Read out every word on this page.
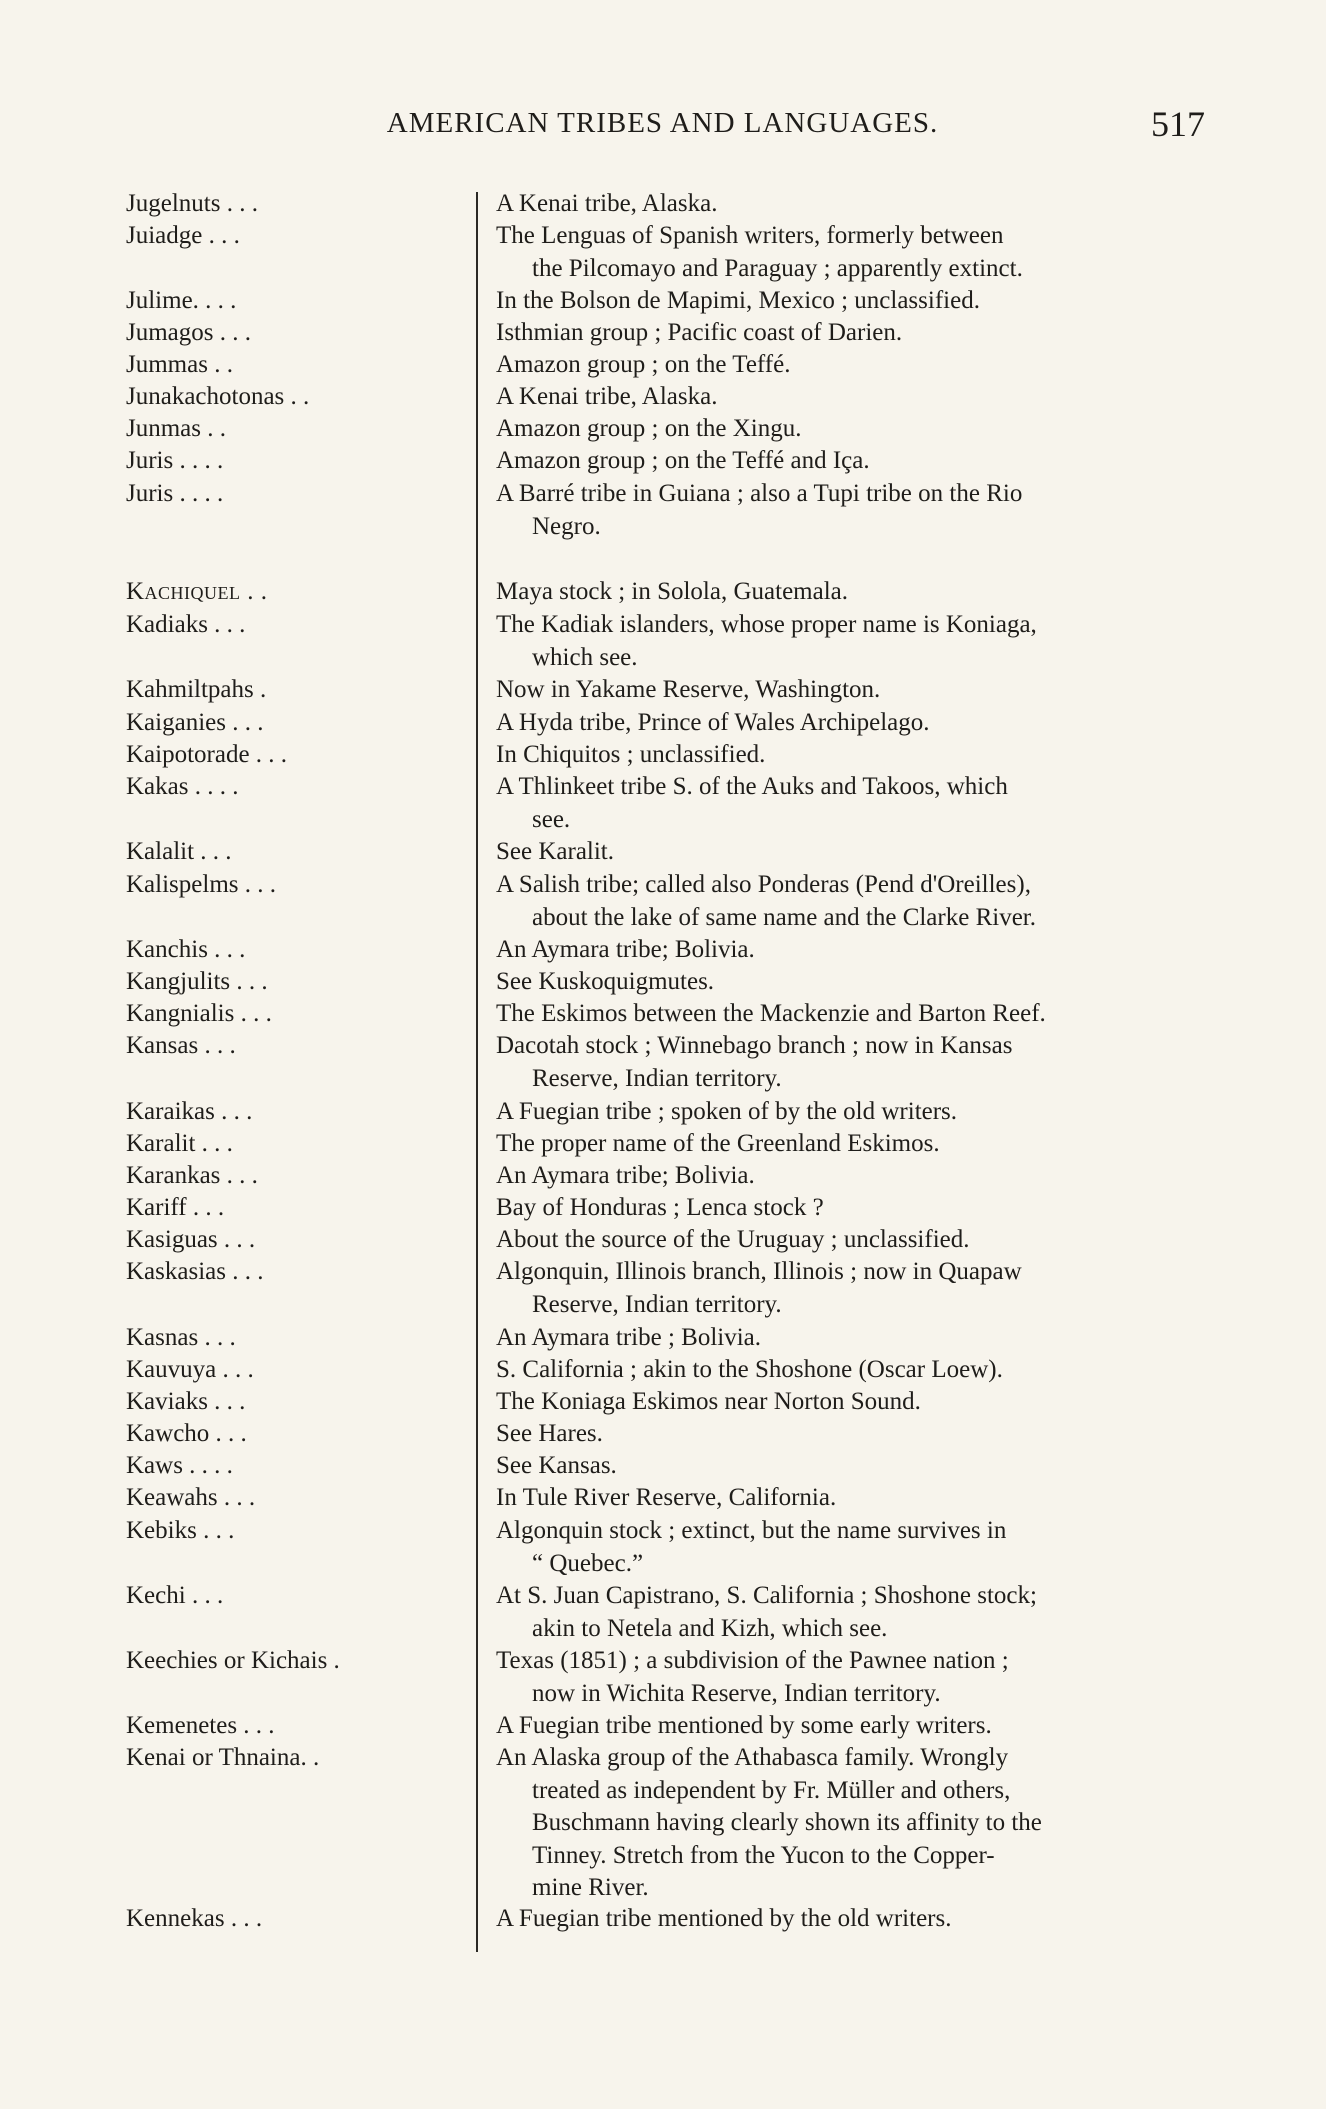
AMERICAN TRIBES AND LANGUAGES.	517
Jugelnuts . . .	A Kenai tribe, Alaska.
Juiadge . . .	The Lenguas of Spanish writers, formerly between
the Pilcomayo and Paraguay ; apparently extinct.
Julime. . . .	In the Bolson de Mapimi, Mexico ; unclassified.
Jumagos . . .	Isthmian group ; Pacific coast of Darien.
Jummas . .	Amazon group ; on the Teffé.
Junakachotonas . .	A Kenai tribe, Alaska.
Junmas . .	Amazon group ; on the Xingu.
Juris . . . .	Amazon group ; on the Teffé and Içа.
Juris . . . .	A Barré tribe in Guiana ; also a Tupi tribe on the Rio
Negro.
Kachiquel . .	Maya stock ; in Solola, Guatemala.
Kadiaks . . .	The Kadiak islanders, whose proper name is Koniaga,
which see.
Kahmiltpahs .	Now in Yakame Reserve, Washington.
Kaiganies . . .	A Hyda tribe, Prince of Wales Archipelago.
Kaipotorade . . .	In Chiquitos ; unclassified.
Kakas . . . .	A Thlinkeet tribe S. of the Auks and Takoos, which
see.
Kalalit . . .	See Karalit.
Kalispelms . . .	A Salish tribe; called also Ponderas (Pend d'Oreilles),
about the lake of same name and the Clarke River.
Kanchis . . .	An Aymara tribe; Bolivia.
Kangjulits . . .	See Kuskoquigmutes.
Kangnialis . . .	The Eskimos between the Mackenzie and Barton Reef.
Kansas . . .	Dacotah stock ; Winnebago branch ; now in Kansas
Reserve, Indian territory.
Karaikas . . .	A Fuegian tribe ; spoken of by the old writers.
Karalit . . .	The proper name of the Greenland Eskimos.
Karankas . . .	An Aymara tribe; Bolivia.
Kariff . . .	Bay of Honduras ; Lenca stock ?
Kasiguas . . .	About the source of the Uruguay ; unclassified.
Kaskasias . . .	Algonquin, Illinois branch, Illinois ; now in Quapaw
Reserve, Indian territory.
Kasnas . . .	An Aymara tribe ; Bolivia.
Kauvuya . . .	S. California ; akin to the Shoshone (Oscar Loew).
Kaviaks . . .	The Koniaga Eskimos near Norton Sound.
Kawcho . . .	See Hares.
Kaws . . . .	See Kansas.
Keawahs . . .	In Tule River Reserve, California.
Kebiks . . .	Algonquin stock ; extinct, but the name survives in
“ Quebec.”
Kechi . . .	At S. Juan Capistrano, S. California ; Shoshone stock;
akin to Netela and Kizh, which see.
Keechies or Kichais .	Texas (1851) ; a subdivision of the Pawnee nation ;
now in Wichita Reserve, Indian territory.
Kemenetes . . .	A Fuegian tribe mentioned by some early writers.
Kenai or Thnaina. .	An Alaska group of the Athabasca family. Wrongly
treated as independent by Fr. Müller and others,
Buschmann having clearly shown its affinity to the
Tinney. Stretch from the Yucon to the Copper-
mine River.
Kennekas . . .	A Fuegian tribe mentioned by the old writers.
